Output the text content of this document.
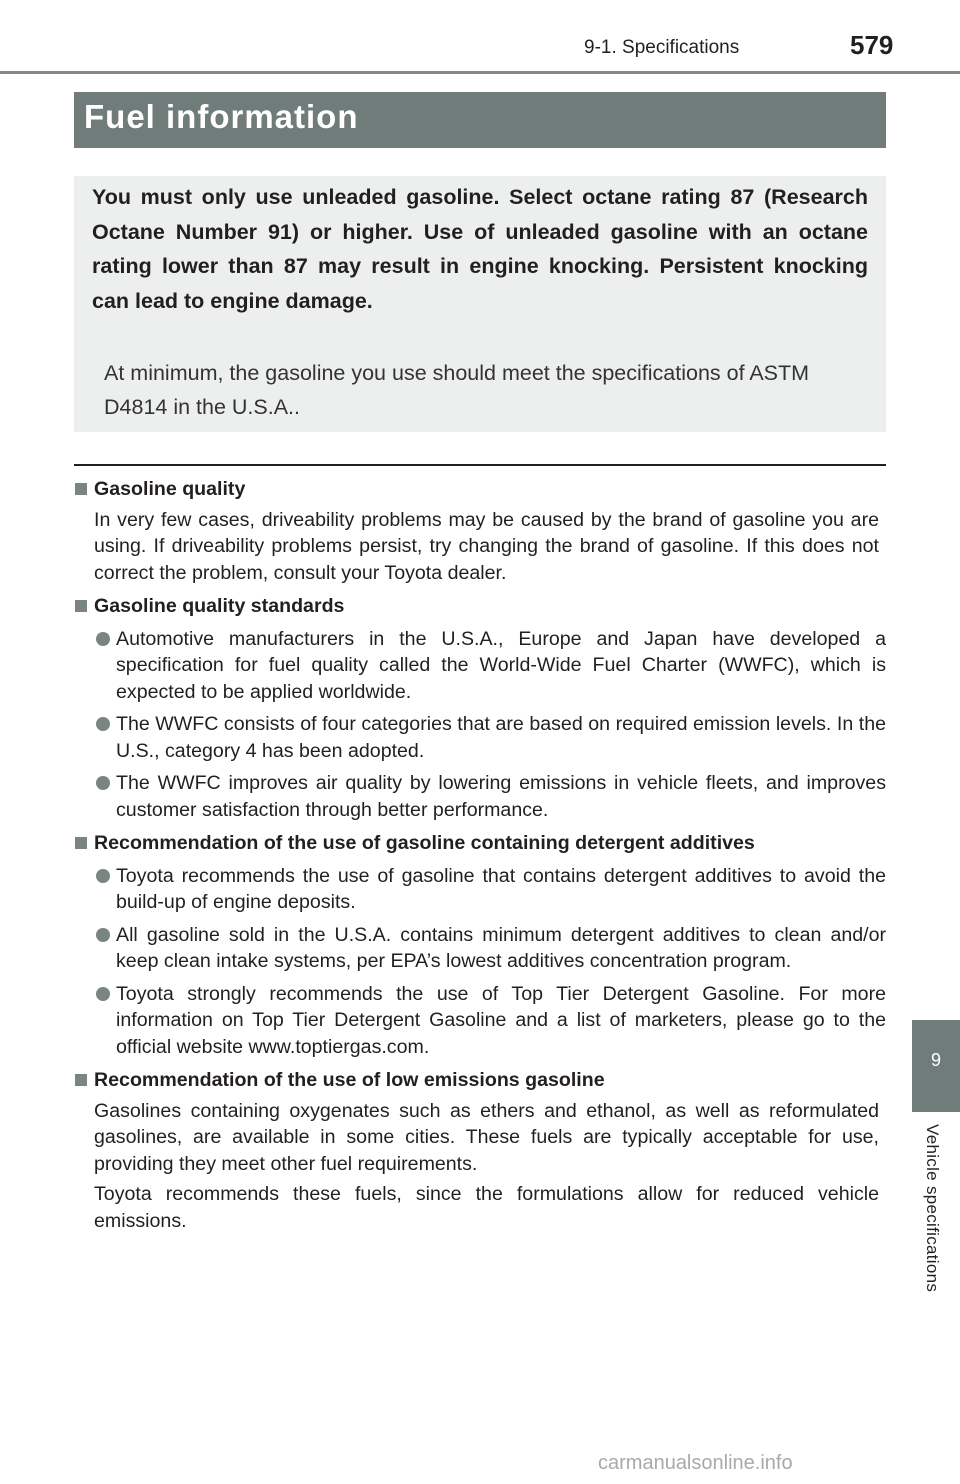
9-1. Specifications	579
Fuel information
You must only use unleaded gasoline. Select octane rating 87 (Research Octane Number 91) or higher. Use of unleaded gasoline with an octane rating lower than 87 may result in engine knocking. Persistent knocking can lead to engine damage.
At minimum, the gasoline you use should meet the specifications of ASTM D4814 in the U.S.A..
Gasoline quality
In very few cases, driveability problems may be caused by the brand of gasoline you are using. If driveability problems persist, try changing the brand of gasoline. If this does not correct the problem, consult your Toyota dealer.
Gasoline quality standards
Automotive manufacturers in the U.S.A., Europe and Japan have developed a specification for fuel quality called the World-Wide Fuel Charter (WWFC), which is expected to be applied worldwide.
The WWFC consists of four categories that are based on required emission levels. In the U.S., category 4 has been adopted.
The WWFC improves air quality by lowering emissions in vehicle fleets, and improves customer satisfaction through better performance.
Recommendation of the use of gasoline containing detergent additives
Toyota recommends the use of gasoline that contains detergent additives to avoid the build-up of engine deposits.
All gasoline sold in the U.S.A. contains minimum detergent additives to clean and/or keep clean intake systems, per EPA’s lowest additives concentration program.
Toyota strongly recommends the use of Top Tier Detergent Gasoline. For more information on Top Tier Detergent Gasoline and a list of marketers, please go to the official website www.toptiergas.com.
Recommendation of the use of low emissions gasoline
Gasolines containing oxygenates such as ethers and ethanol, as well as reformulated gasolines, are available in some cities. These fuels are typically acceptable for use, providing they meet other fuel requirements.
Toyota recommends these fuels, since the formulations allow for reduced vehicle emissions.
9
Vehicle specifications
carmanualsonline.info
